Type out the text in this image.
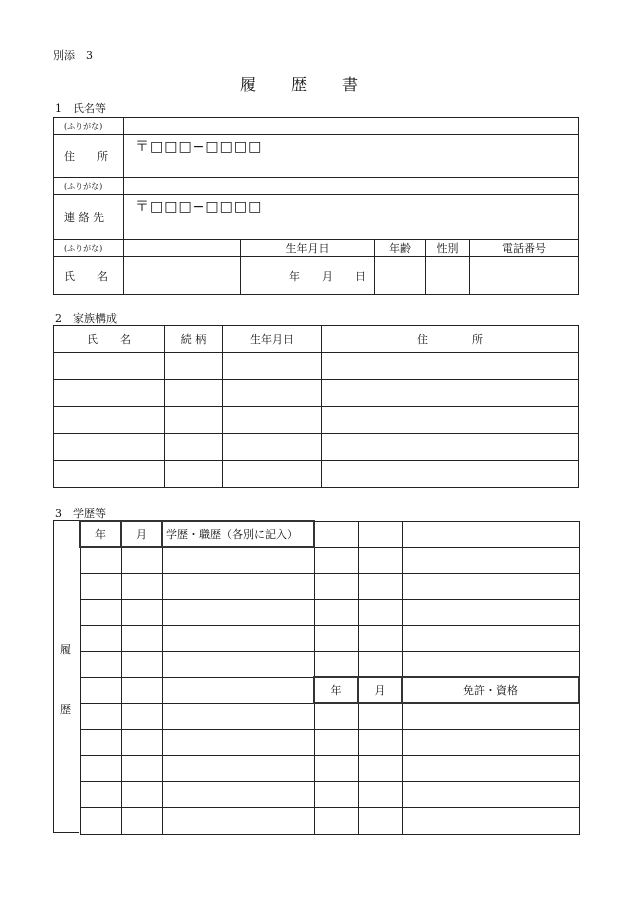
別添　3
履　　歴　　書
1　氏名等
(ふりがな)					
住　　所	〒□□□−□□□□				

(ふりがな)					
連 絡 先	〒□□□−□□□□				

(ふりがな)		生年月日	年齢	性別	電話番号
氏　　名		年　　月　　日			
2　家族構成
氏　　名	続 柄	生年月日	住　　　　所

3　学歴等
履
歴
年	月	学歴・職歴（各別に記入）			

			年	月	免許・資格
